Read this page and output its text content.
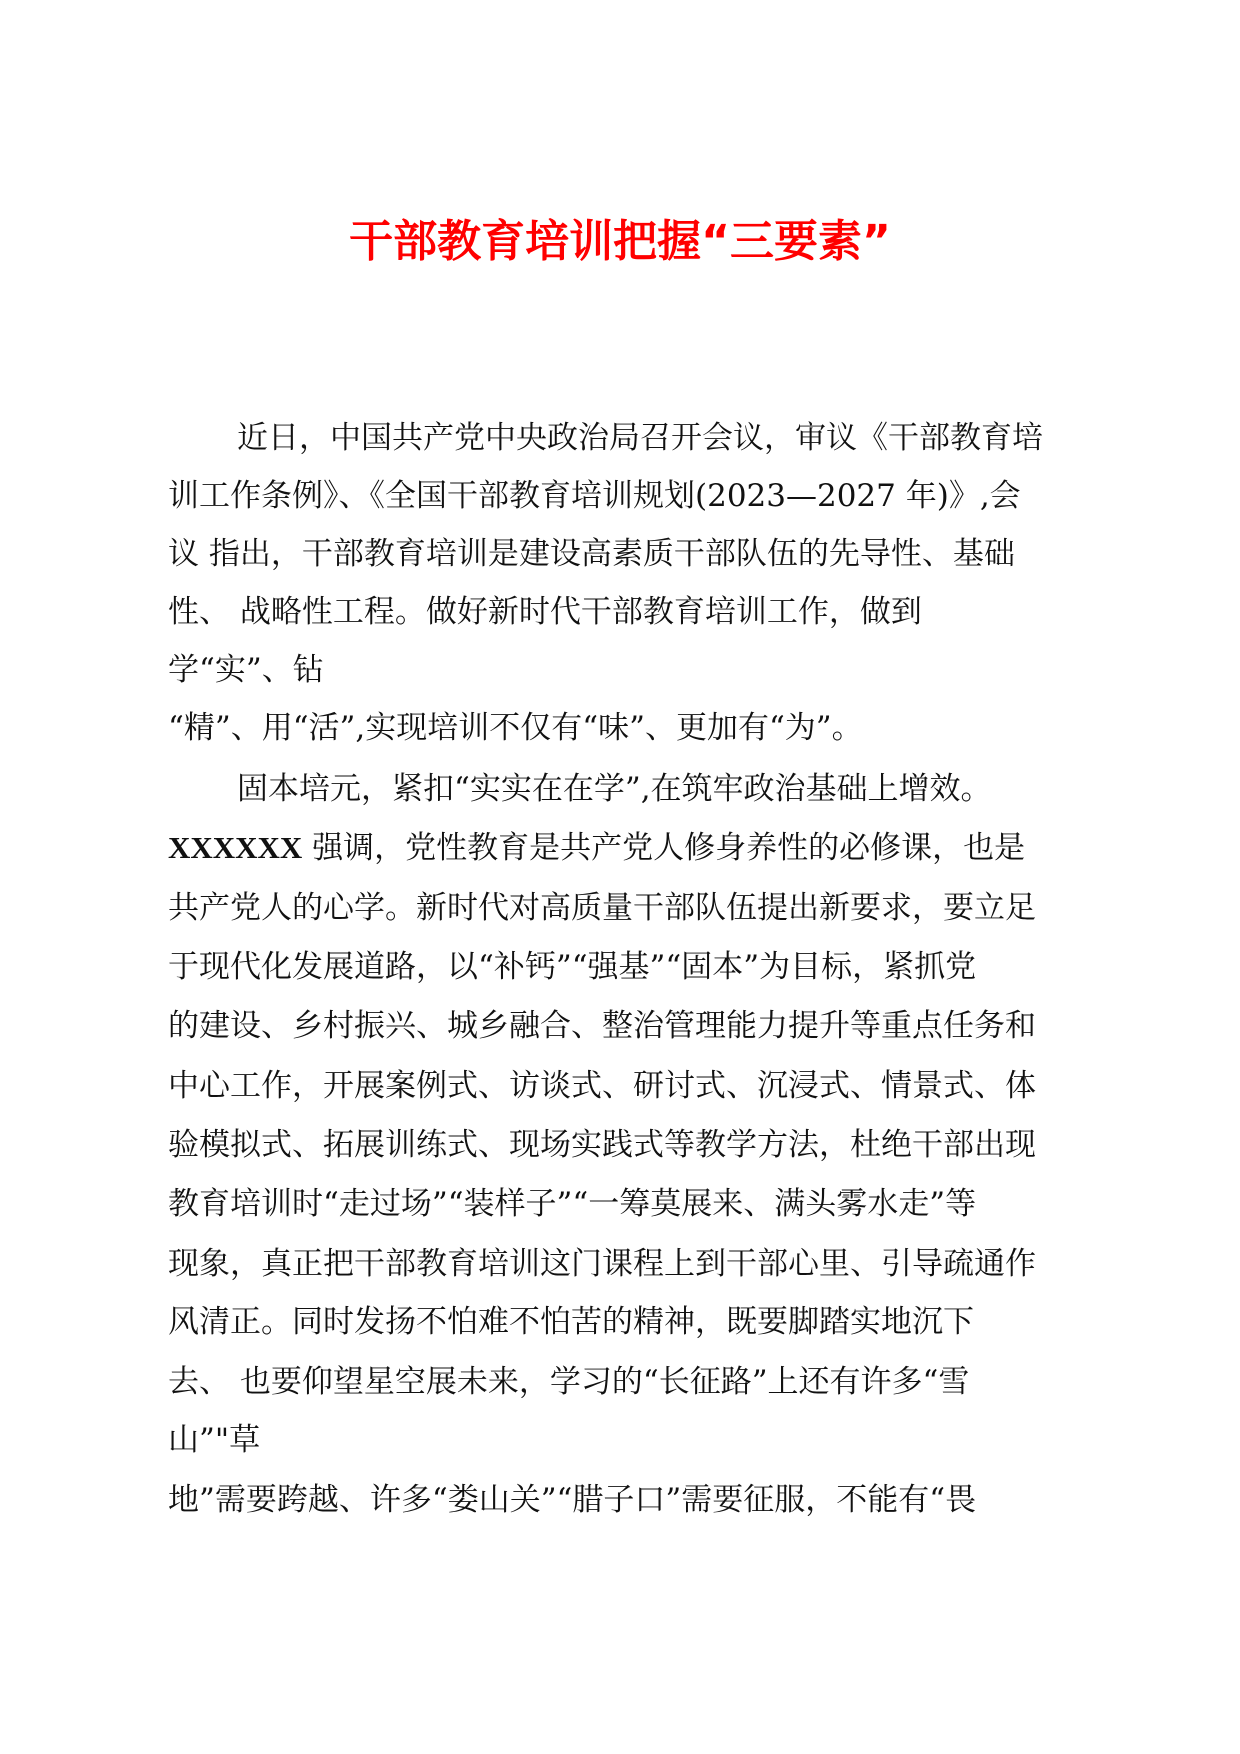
干部教育培训把握“三要素”

近日，中国共产党中央政治局召开会议，审议《干部教育培

训工作条例》、《全国干部教育培训规划(2023—2027 年)》,会

议 指出，干部教育培训是建设高素质干部队伍的先导性、基础

性、 战略性工程。做好新时代干部教育培训工作，做到

学“实”、钻

“精”、用“活”,实现培训不仅有“味”、更加有“为”。

固本培元，紧扣“实实在在学”,在筑牢政治基础上增效。

XXXXXX 强调，党性教育是共产党人修身养性的必修课，也是

共产党人的心学。新时代对高质量干部队伍提出新要求，要立足

于现代化发展道路，以“补钙”“强基”“固本”为目标，紧抓党

的建设、乡村振兴、城乡融合、整治管理能力提升等重点任务和

中心工作，开展案例式、访谈式、研讨式、沉浸式、情景式、体

验模拟式、拓展训练式、现场实践式等教学方法，杜绝干部出现

教育培训时“走过场”“装样子”“一筹莫展来、满头雾水走”等

现象，真正把干部教育培训这门课程上到干部心里、引导疏通作

风清正。同时发扬不怕难不怕苦的精神，既要脚踏实地沉下

去、 也要仰望星空展未来，学习的“长征路”上还有许多“雪

山”"草

地”需要跨越、许多“娄山关”“腊子口”需要征服，不能有“畏
